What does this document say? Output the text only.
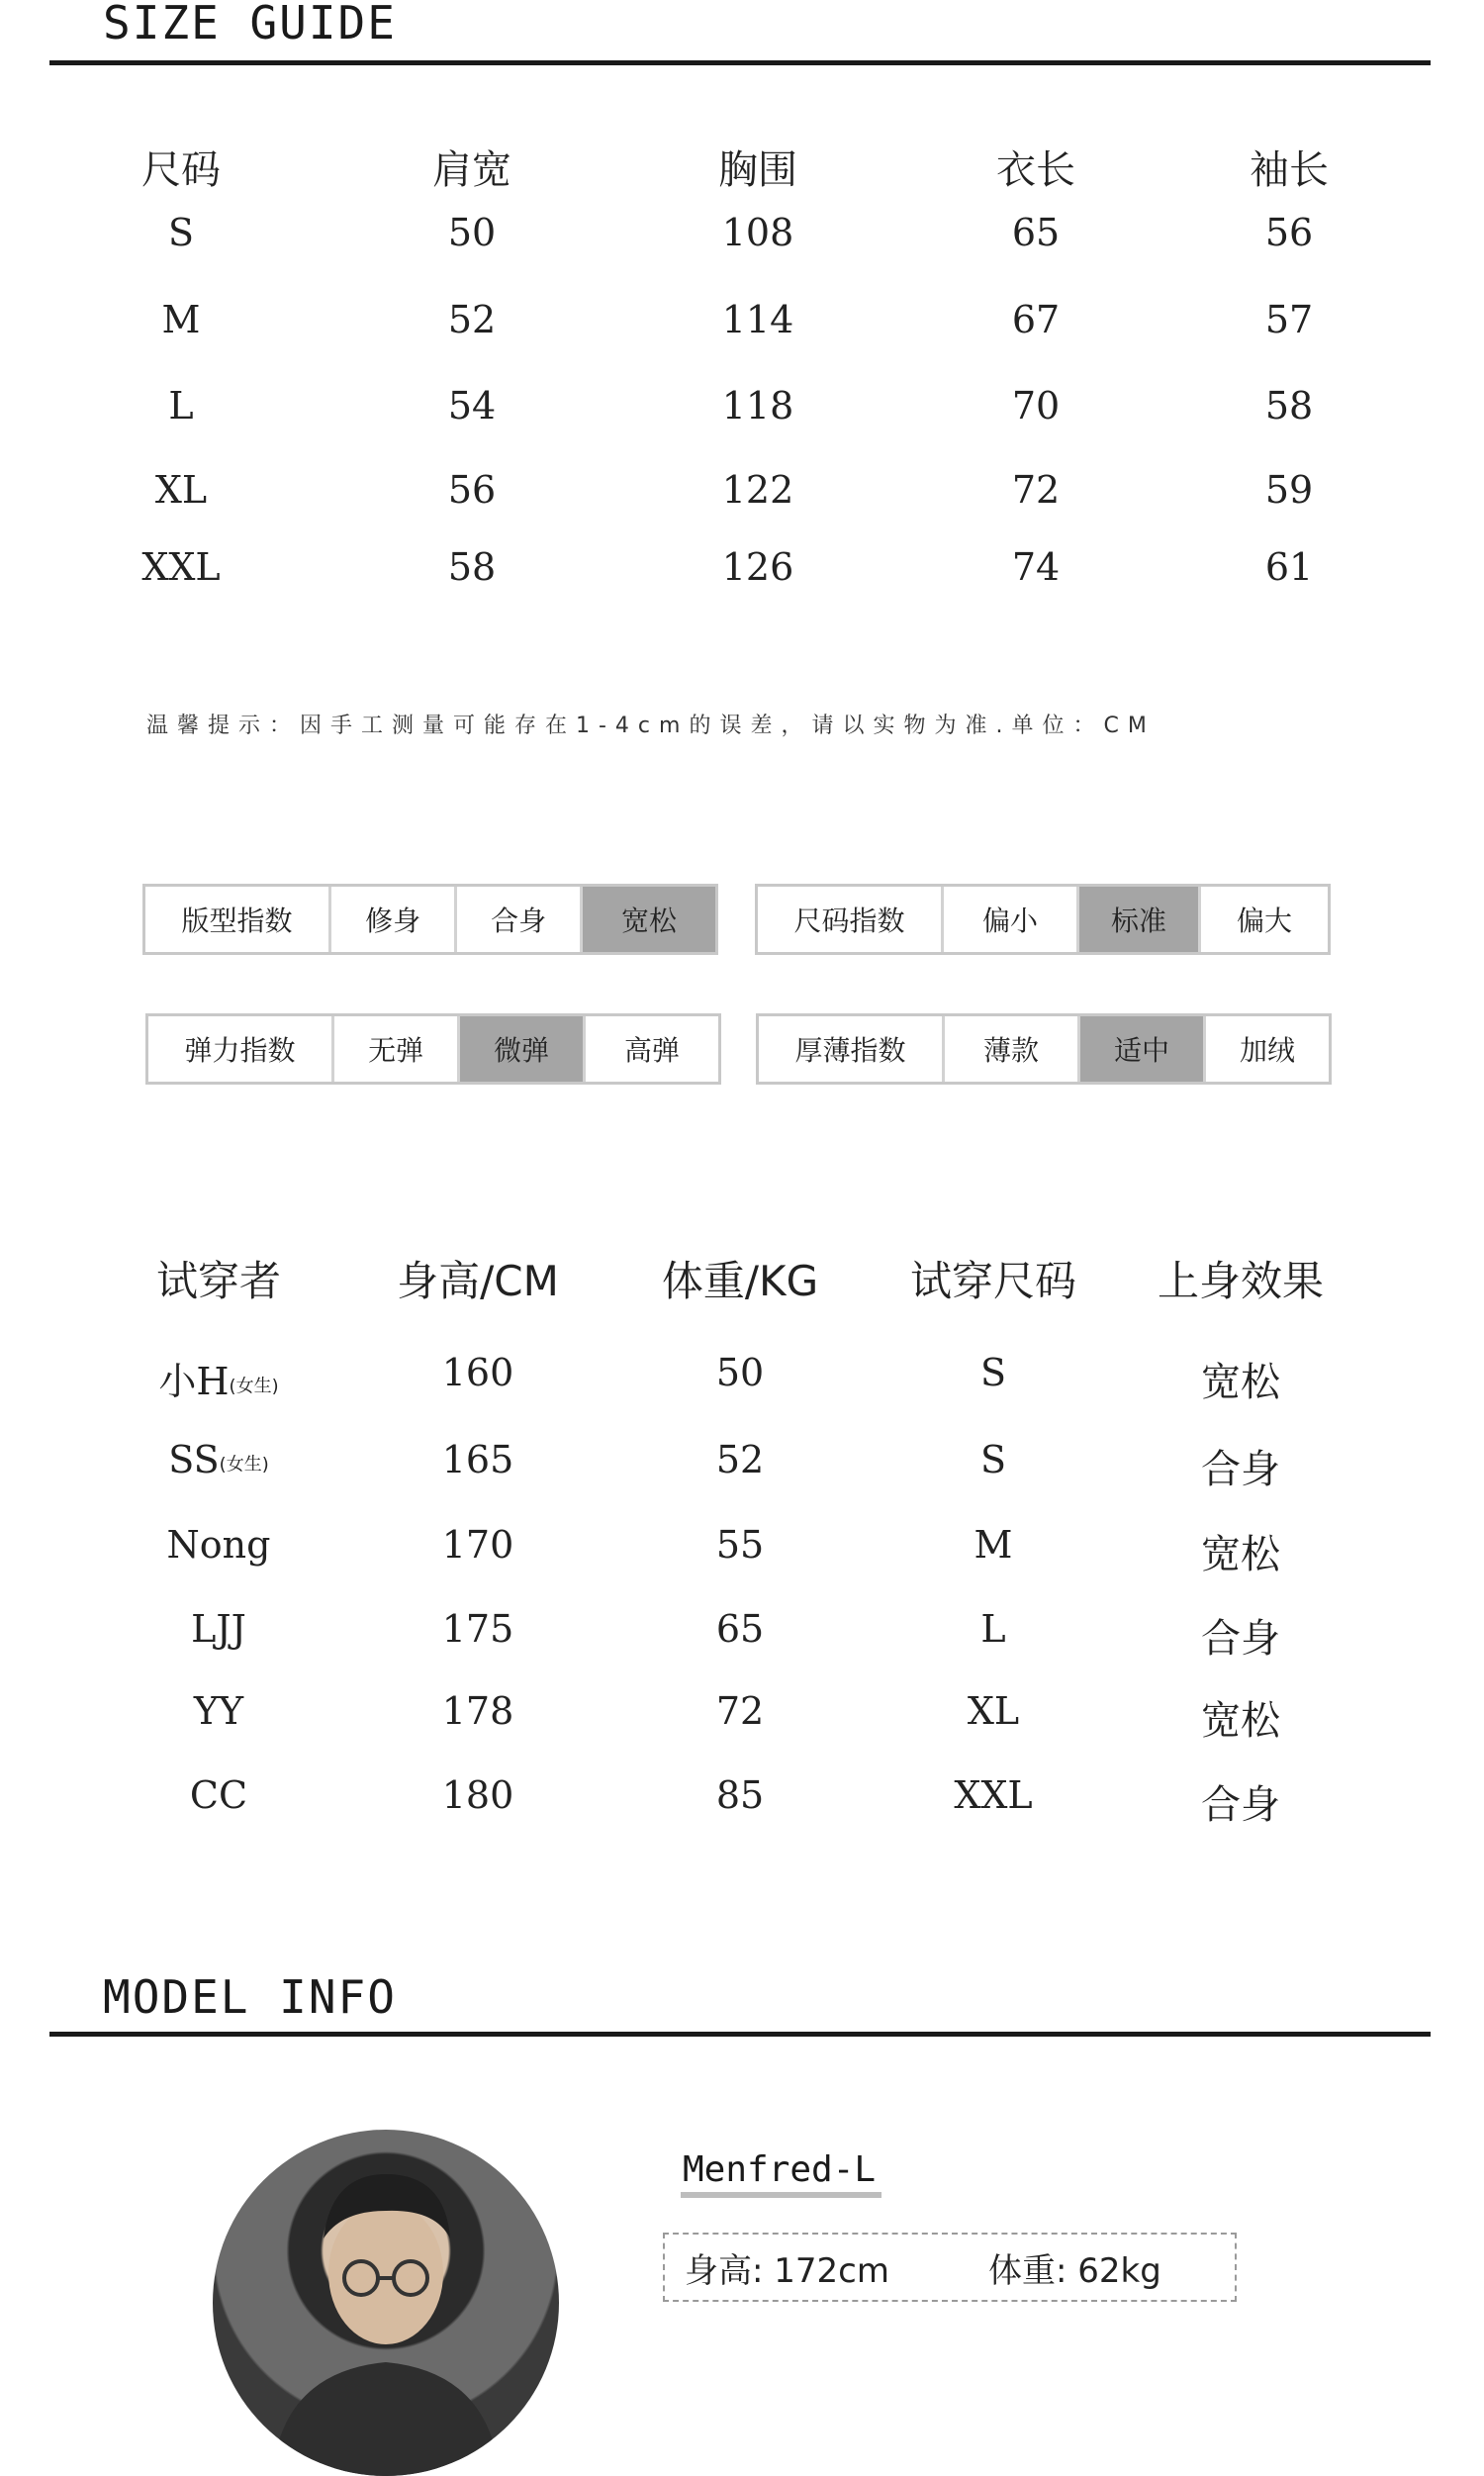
SIZE GUIDE
尺码	肩宽	胸围	衣长	袖长
S	50	108	65	56
M	52	114	67	57
L	54	118	70	58
XL	56	122	72	59
XXL	58	126	74	61
温馨提示：因手工测量可能存在1-4cm的误差，请以实物为准.单位：CM
版型指数	修身	合身	宽松	尺码指数	偏小	标准	偏大
弹力指数	无弹	微弹	高弹	厚薄指数	薄款	适中	加绒
试穿者	身高/CM 体重/KG 试穿尺码 上身效果
小H(女生)	160	50	S	宽松
SS(女生)	165	52	S	合身
Nong	170	55	M	宽松
LJJ	175	65	L	合身
YY	178	72	XL	宽松
CC	180	85	XXL	合身
MODEL INFO
Menfred-L
身高: 172cm	体重: 62kg
